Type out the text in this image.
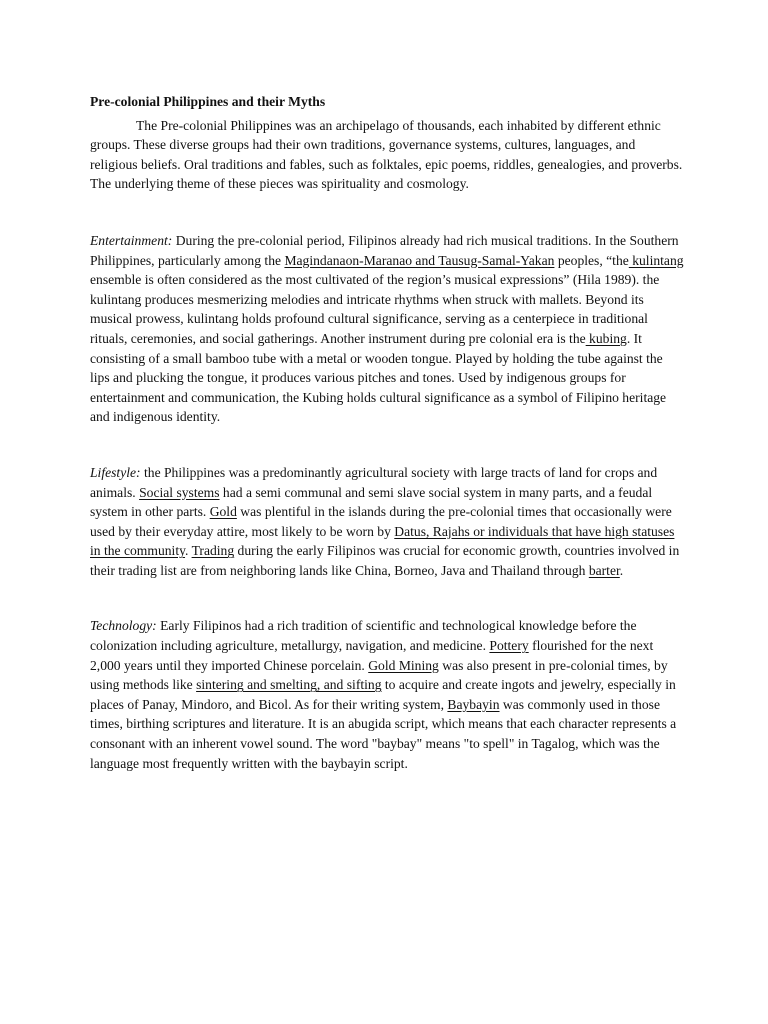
Pre-colonial Philippines and their Myths

The Pre-colonial Philippines was an archipelago of thousands, each inhabited by different ethnic groups. These diverse groups had their own traditions, governance systems, cultures, languages, and religious beliefs. Oral traditions and fables, such as folktales, epic poems, riddles, genealogies, and proverbs. The underlying theme of these pieces was spirituality and cosmology.

Entertainment: During the pre-colonial period, Filipinos already had rich musical traditions. In the Southern Philippines, particularly among the Magindanaon-Maranao and Tausug-Samal-Yakan peoples, “the kulintang ensemble is often considered as the most cultivated of the region’s musical expressions” (Hila 1989). the kulintang produces mesmerizing melodies and intricate rhythms when struck with mallets. Beyond its musical prowess, kulintang holds profound cultural significance, serving as a centerpiece in traditional rituals, ceremonies, and social gatherings. Another instrument during pre colonial era is the kubing. It consisting of a small bamboo tube with a metal or wooden tongue. Played by holding the tube against the lips and plucking the tongue, it produces various pitches and tones. Used by indigenous groups for entertainment and communication, the Kubing holds cultural significance as a symbol of Filipino heritage and indigenous identity.

Lifestyle: the Philippines was a predominantly agricultural society with large tracts of land for crops and animals. Social systems had a semi communal and semi slave social system in many parts, and a feudal system in other parts. Gold was plentiful in the islands during the pre-colonial times that occasionally were used by their everyday attire, most likely to be worn by Datus, Rajahs or individuals that have high statuses in the community. Trading during the early Filipinos was crucial for economic growth, countries involved in their trading list are from neighboring lands like China, Borneo, Java and Thailand through barter.

Technology: Early Filipinos had a rich tradition of scientific and technological knowledge before the colonization including agriculture, metallurgy, navigation, and medicine. Pottery flourished for the next 2,000 years until they imported Chinese porcelain. Gold Mining was also present in pre-colonial times, by using methods like sintering and smelting, and sifting to acquire and create ingots and jewelry, especially in places of Panay, Mindoro, and Bicol. As for their writing system, Baybayin was commonly used in those times, birthing scriptures and literature. It is an abugida script, which means that each character represents a consonant with an inherent vowel sound. The word "baybay" means "to spell" in Tagalog, which was the language most frequently written with the baybayin script.
